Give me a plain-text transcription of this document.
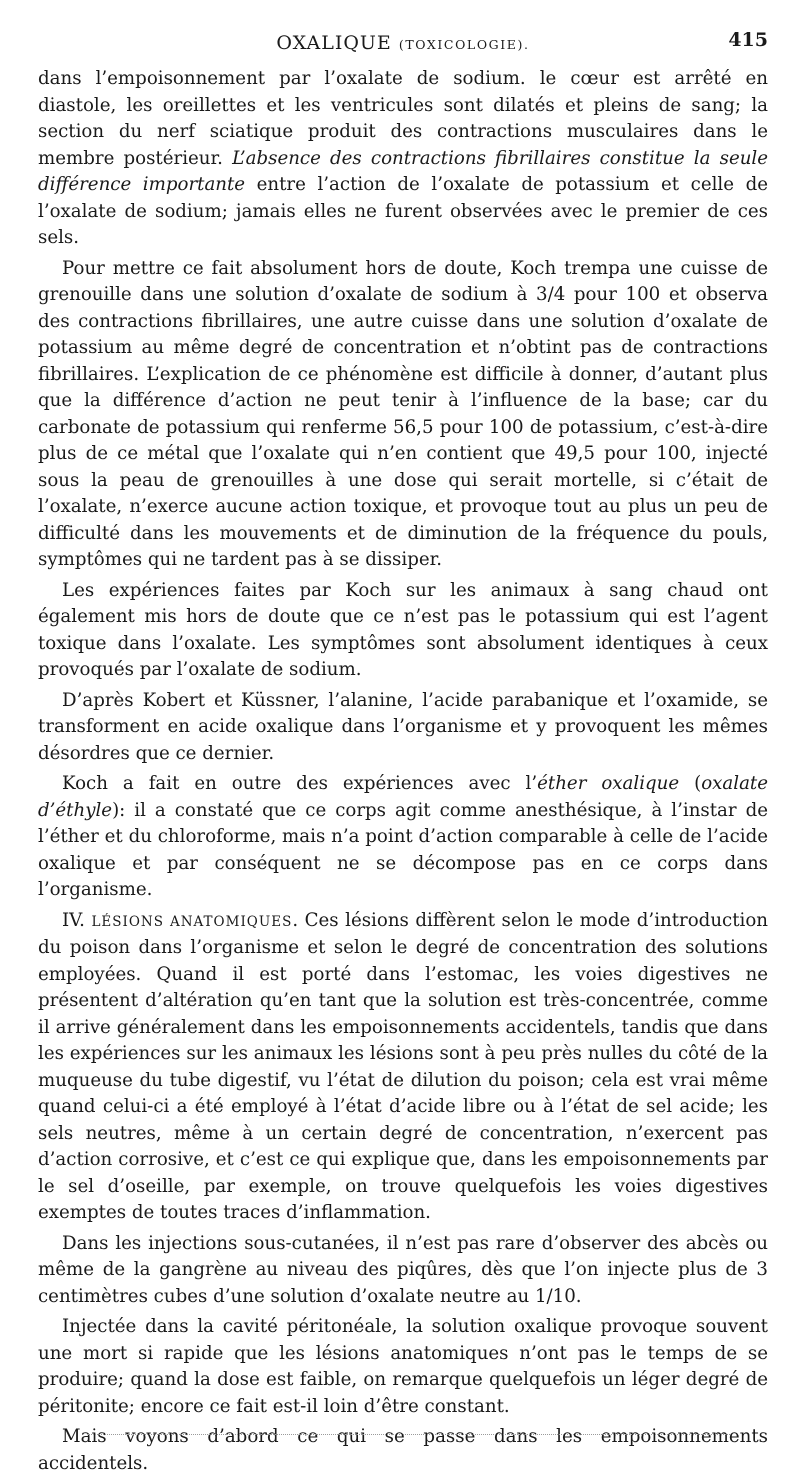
OXALIQUE (TOXICOLOGIE).	415

dans l’empoisonnement par l’oxalate de sodium. le cœur est arrêté en diastole, les oreillettes et les ventricules sont dilatés et pleins de sang; la section du nerf sciatique produit des contractions musculaires dans le membre postérieur. L’absence des contractions fibrillaires constitue la seule différence importante entre l’action de l’oxalate de potassium et celle de l’oxalate de sodium; jamais elles ne furent observées avec le premier de ces sels.

Pour mettre ce fait absolument hors de doute, Koch trempa une cuisse de grenouille dans une solution d’oxalate de sodium à 3/4 pour 100 et observa des contractions fibrillaires, une autre cuisse dans une solution d’oxalate de potassium au même degré de concentration et n’obtint pas de contractions fibrillaires. L’explication de ce phénomène est difficile à donner, d’autant plus que la différence d’action ne peut tenir à l’influence de la base; car du carbonate de potassium qui renferme 56,5 pour 100 de potassium, c’est-à-dire plus de ce métal que l’oxalate qui n’en contient que 49,5 pour 100, injecté sous la peau de grenouilles à une dose qui serait mortelle, si c’était de l’oxalate, n’exerce aucune action toxique, et provoque tout au plus un peu de difficulté dans les mouvements et de diminution de la fréquence du pouls, symptômes qui ne tardent pas à se dissiper.

Les expériences faites par Koch sur les animaux à sang chaud ont également mis hors de doute que ce n’est pas le potassium qui est l’agent toxique dans l’oxalate. Les symptômes sont absolument identiques à ceux provoqués par l’oxalate de sodium.

D’après Kobert et Küssner, l’alanine, l’acide parabanique et l’oxamide, se transforment en acide oxalique dans l’organisme et y provoquent les mêmes désordres que ce dernier.

Koch a fait en outre des expériences avec l’éther oxalique (oxalate d’éthyle): il a constaté que ce corps agit comme anesthésique, à l’instar de l’éther et du chloroforme, mais n’a point d’action comparable à celle de l’acide oxalique et par conséquent ne se décompose pas en ce corps dans l’organisme.

IV. LÉSIONS ANATOMIQUES. Ces lésions diffèrent selon le mode d’introduction du poison dans l’organisme et selon le degré de concentration des solutions employées. Quand il est porté dans l’estomac, les voies digestives ne présentent d’altération qu’en tant que la solution est très-concentrée, comme il arrive généralement dans les empoisonnements accidentels, tandis que dans les expériences sur les animaux les lésions sont à peu près nulles du côté de la muqueuse du tube digestif, vu l’état de dilution du poison; cela est vrai même quand celui-ci a été employé à l’état d’acide libre ou à l’état de sel acide; les sels neutres, même à un certain degré de concentration, n’exercent pas d’action corrosive, et c’est ce qui explique que, dans les empoisonnements par le sel d’oseille, par exemple, on trouve quelquefois les voies digestives exemptes de toutes traces d’inflammation.

Dans les injections sous-cutanées, il n’est pas rare d’observer des abcès ou même de la gangrène au niveau des piqûres, dès que l’on injecte plus de 3 centimètres cubes d’une solution d’oxalate neutre au 1/10.

Injectée dans la cavité péritonéale, la solution oxalique provoque souvent une mort si rapide que les lésions anatomiques n’ont pas le temps de se produire; quand la dose est faible, on remarque quelquefois un léger degré de péritonite; encore ce fait est-il loin d’être constant.

Mais voyons d’abord ce qui se passe dans les empoisonnements accidentels.
